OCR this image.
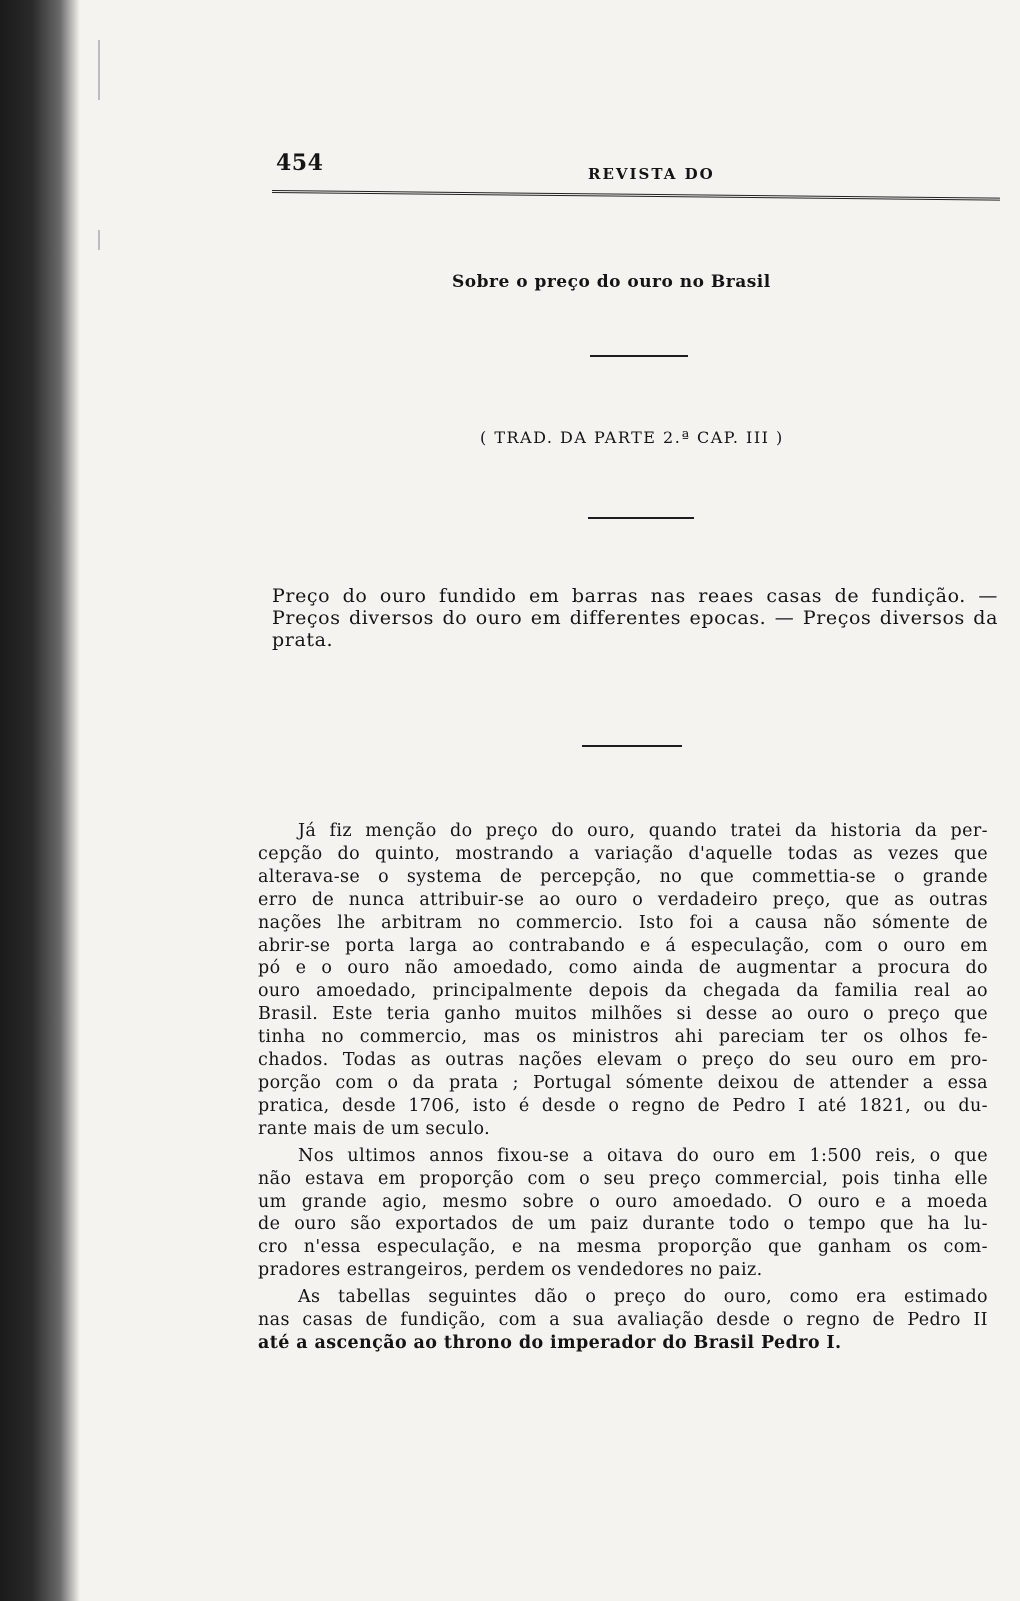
454	REVISTA DO
Sobre o preço do ouro no Brasil
( TRAD. DA PARTE 2.ª CAP. III )
Preço do ouro fundido em barras nas reaes casas de fundição. —
Preços diversos do ouro em differentes epocas. — Preços diversos da
prata.

Já fiz menção do preço do ouro, quando tratei da historia da per-
cepção do quinto, mostrando a variação d'aquelle todas as vezes que
alterava-se o systema de percepção, no que commettia-se o grande
erro de nunca attribuir-se ao ouro o verdadeiro preço, que as outras
nações lhe arbitram no commercio. Isto foi a causa não sómente de
abrir-se porta larga ao contrabando e á especulação, com o ouro em
pó e o ouro não amoedado, como ainda de augmentar a procura do
ouro amoedado, principalmente depois da chegada da familia real ao
Brasil. Este teria ganho muitos milhões si desse ao ouro o preço que
tinha no commercio, mas os ministros ahi pareciam ter os olhos fe-
chados. Todas as outras nações elevam o preço do seu ouro em pro-
porção com o da prata ; Portugal sómente deixou de attender a essa
pratica, desde 1706, isto é desde o regno de Pedro I até 1821, ou du-
rante mais de um seculo.

Nos ultimos annos fixou-se a oitava do ouro em 1:500 reis, o que
não estava em proporção com o seu preço commercial, pois tinha elle
um grande agio, mesmo sobre o ouro amoedado. O ouro e a moeda
de ouro são exportados de um paiz durante todo o tempo que ha lu-
cro n'essa especulação, e na mesma proporção que ganham os com-
pradores estrangeiros, perdem os vendedores no paiz.

As tabellas seguintes dão o preço do ouro, como era estimado
nas casas de fundição, com a sua avaliação desde o regno de Pedro II
até a ascenção ao throno do imperador do Brasil Pedro I.
